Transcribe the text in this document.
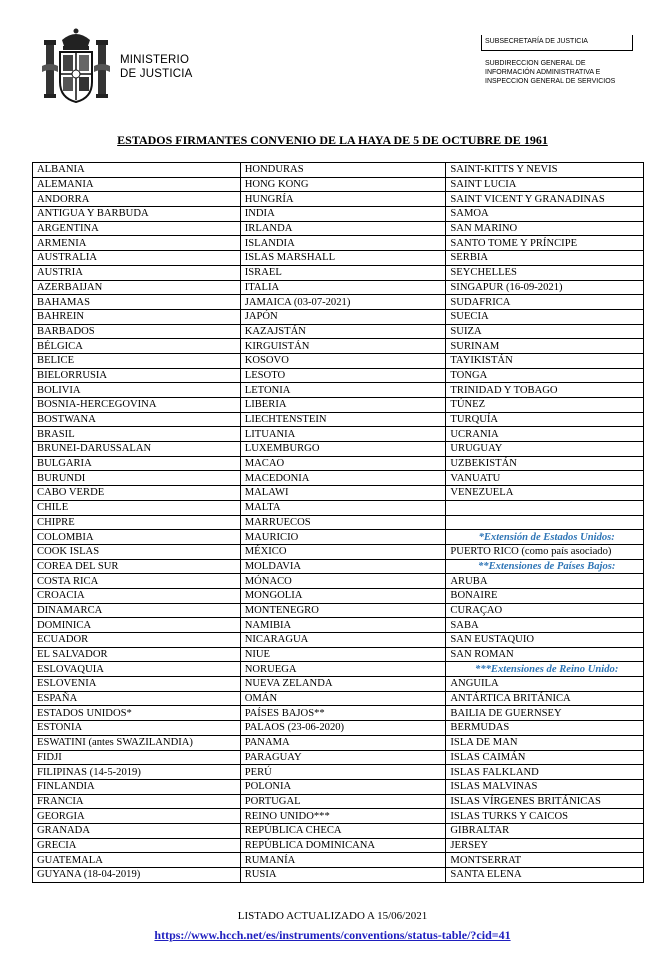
MINISTERIO
DE JUSTICIA
SUBSECRETARÍA DE JUSTICIA
SUBDIRECCION GENERAL DE
INFORMACIÓN ADMINISTRATIVA E
INSPECCION GENERAL DE SERVICIOS
ESTADOS FIRMANTES CONVENIO DE LA HAYA DE 5 DE OCTUBRE DE 1961
ALBANIA	HONDURAS	SAINT-KITTS Y NEVIS
ALEMANIA	HONG KONG	SAINT LUCIA
ANDORRA	HUNGRÍA	SAINT VICENT Y GRANADINAS
ANTIGUA Y BARBUDA	INDIA	SAMOA
ARGENTINA	IRLANDA	SAN MARINO
ARMENIA	ISLANDIA	SANTO TOME Y PRÍNCIPE
AUSTRALIA	ISLAS MARSHALL	SERBIA
AUSTRIA	ISRAEL	SEYCHELLES
AZERBAIJAN	ITALIA	SINGAPUR (16-09-2021)
BAHAMAS	JAMAICA (03-07-2021)	SUDAFRICA
BAHREIN	JAPÓN	SUECIA
BARBADOS	KAZAJSTÁN	SUIZA
BÉLGICA	KIRGUISTÁN	SURINAM
BELICE	KOSOVO	TAYIKISTÁN
BIELORRUSIA	LESOTO	TONGA
BOLIVIA	LETONIA	TRINIDAD Y TOBAGO
BOSNIA-HERCEGOVINA	LIBERIA	TÚNEZ
BOSTWANA	LIECHTENSTEIN	TURQUÍA
BRASIL	LITUANIA	UCRANIA
BRUNEI-DARUSSALAN	LUXEMBURGO	URUGUAY
BULGARIA	MACAO	UZBEKISTÁN
BURUNDI	MACEDONIA	VANUATU
CABO VERDE	MALAWI	VENEZUELA
CHILE	MALTA	
CHIPRE	MARRUECOS	
COLOMBIA	MAURICIO	*Extensión de Estados Unidos:
COOK ISLAS	MÉXICO	PUERTO RICO (como país asociado)
COREA DEL SUR	MOLDAVIA	**Extensiones de Países Bajos:
COSTA RICA	MÓNACO	ARUBA
CROACIA	MONGOLIA	BONAIRE
DINAMARCA	MONTENEGRO	CURAÇAO
DOMINICA	NAMIBIA	SABA
ECUADOR	NICARAGUA	SAN EUSTAQUIO
EL SALVADOR	NIUE	SAN ROMAN
ESLOVAQUIA	NORUEGA	***Extensiones de Reino Unido:
ESLOVENIA	NUEVA ZELANDA	ANGUILA
ESPAÑA	OMÁN	ANTÁRTICA BRITÁNICA
ESTADOS UNIDOS*	PAÍSES BAJOS**	BAILIA DE GUERNSEY
ESTONIA	PALAOS (23-06-2020)	BERMUDAS
ESWATINI (antes SWAZILANDIA)	PANAMA	ISLA DE MAN
FIDJI	PARAGUAY	ISLAS CAIMÁN
FILIPINAS (14-5-2019)	PERÚ	ISLAS FALKLAND
FINLANDIA	POLONIA	ISLAS MALVINAS
FRANCIA	PORTUGAL	ISLAS VÍRGENES BRITÁNICAS
GEORGIA	REINO UNIDO***	ISLAS TURKS Y CAICOS
GRANADA	REPÚBLICA CHECA	GIBRALTAR
GRECIA	REPÚBLICA DOMINICANA	JERSEY
GUATEMALA	RUMANÍA	MONTSERRAT
GUYANA (18-04-2019)	RUSIA	SANTA ELENA
LISTADO ACTUALIZADO A 15/06/2021
https://www.hcch.net/es/instruments/conventions/status-table/?cid=41
